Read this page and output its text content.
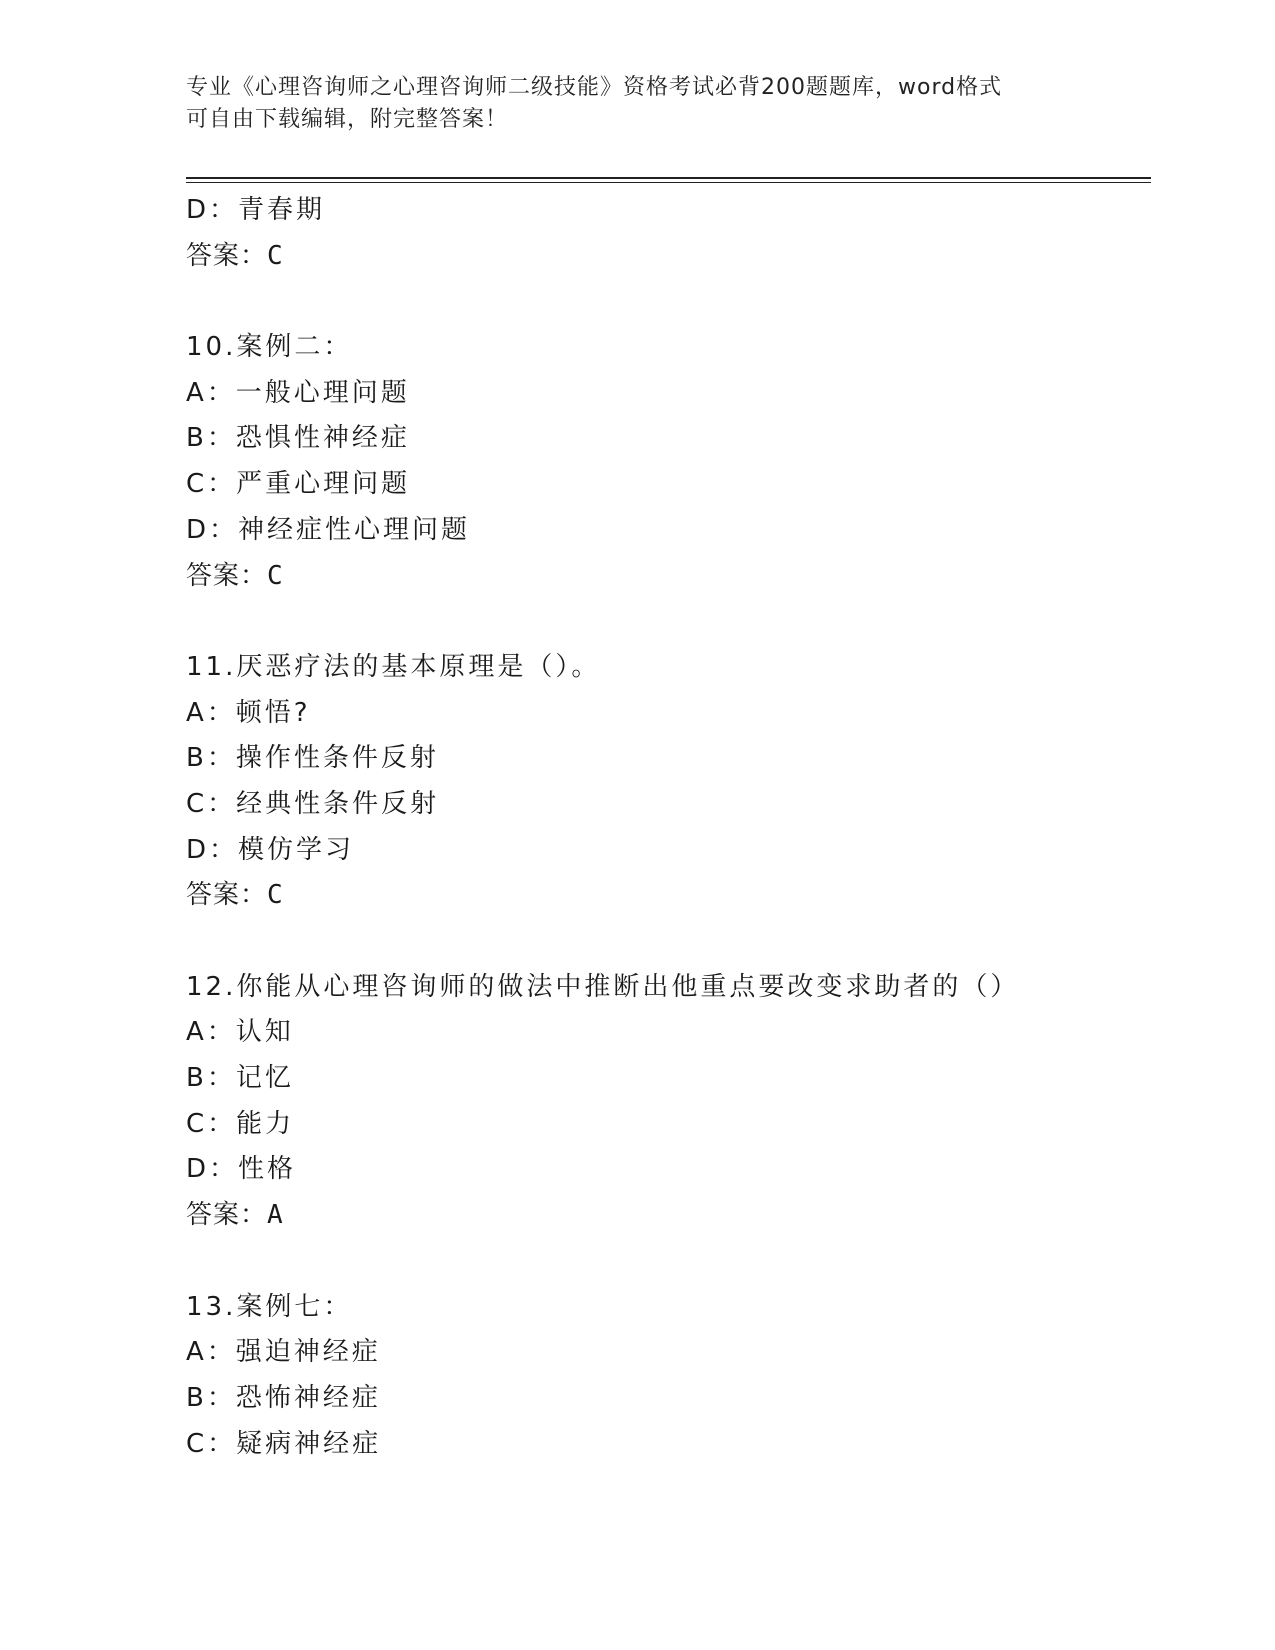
专业《心理咨询师之心理咨询师二级技能》资格考试必背200题题库，word格式
可自由下载编辑，附完整答案！
D：青春期
答案：C
10.案例二：
A：一般心理问题
B：恐惧性神经症
C：严重心理问题
D：神经症性心理问题
答案：C
11.厌恶疗法的基本原理是（）。
A：顿悟?
B：操作性条件反射
C：经典性条件反射
D：模仿学习
答案：C
12.你能从心理咨询师的做法中推断出他重点要改变求助者的（）
A：认知
B：记忆
C：能力
D：性格
答案：A
13.案例七：
A：强迫神经症
B：恐怖神经症
C：疑病神经症
